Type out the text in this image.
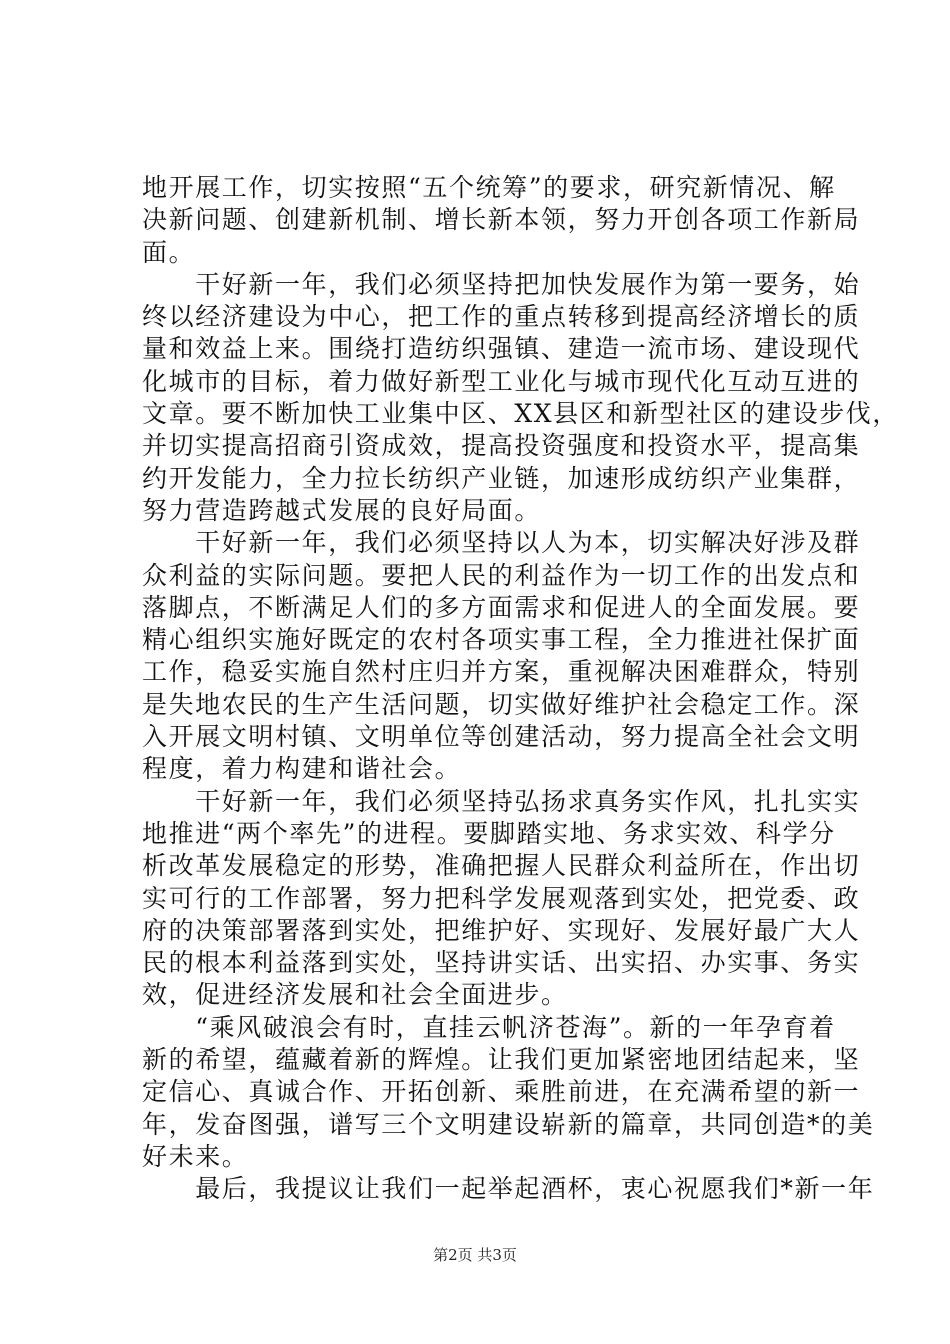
地开展工作，切实按照“五个统筹”的要求，研究新情况、解
决新问题、创建新机制、增长新本领，努力开创各项工作新局
面。
　　干好新一年，我们必须坚持把加快发展作为第一要务，始
终以经济建设为中心，把工作的重点转移到提高经济增长的质
量和效益上来。围绕打造纺织强镇、建造一流市场、建设现代
化城市的目标，着力做好新型工业化与城市现代化互动互进的
文章。要不断加快工业集中区、XX县区和新型社区的建设步伐，
并切实提高招商引资成效，提高投资强度和投资水平，提高集
约开发能力，全力拉长纺织产业链，加速形成纺织产业集群，
努力营造跨越式发展的良好局面。
　　干好新一年，我们必须坚持以人为本，切实解决好涉及群
众利益的实际问题。要把人民的利益作为一切工作的出发点和
落脚点，不断满足人们的多方面需求和促进人的全面发展。要
精心组织实施好既定的农村各项实事工程，全力推进社保扩面
工作，稳妥实施自然村庄归并方案，重视解决困难群众，特别
是失地农民的生产生活问题，切实做好维护社会稳定工作。深
入开展文明村镇、文明单位等创建活动，努力提高全社会文明
程度，着力构建和谐社会。
　　干好新一年，我们必须坚持弘扬求真务实作风，扎扎实实
地推进“两个率先”的进程。要脚踏实地、务求实效、科学分
析改革发展稳定的形势，准确把握人民群众利益所在，作出切
实可行的工作部署，努力把科学发展观落到实处，把党委、政
府的决策部署落到实处，把维护好、实现好、发展好最广大人
民的根本利益落到实处，坚持讲实话、出实招、办实事、务实
效，促进经济发展和社会全面进步。
　　“乘风破浪会有时，直挂云帆济苍海”。新的一年孕育着
新的希望，蕴藏着新的辉煌。让我们更加紧密地团结起来，坚
定信心、真诚合作、开拓创新、乘胜前进，在充满希望的新一
年，发奋图强，谱写三个文明建设崭新的篇章，共同创造*的美
好未来。
　　最后，我提议让我们一起举起酒杯，衷心祝愿我们*新一年
第2页 共3页
